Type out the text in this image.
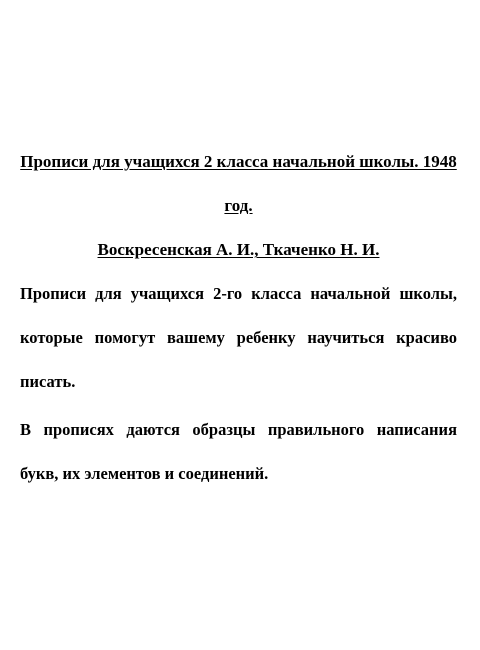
Прописи для учащихся 2 класса начальной школы. 1948 год.

Воскресенская А. И., Ткаченко Н. И.

Прописи для учащихся 2-го класса начальной школы, которые помогут вашему ребенку научиться красиво писать.

В прописях даются образцы правильного написания букв, их элементов и соединений.
